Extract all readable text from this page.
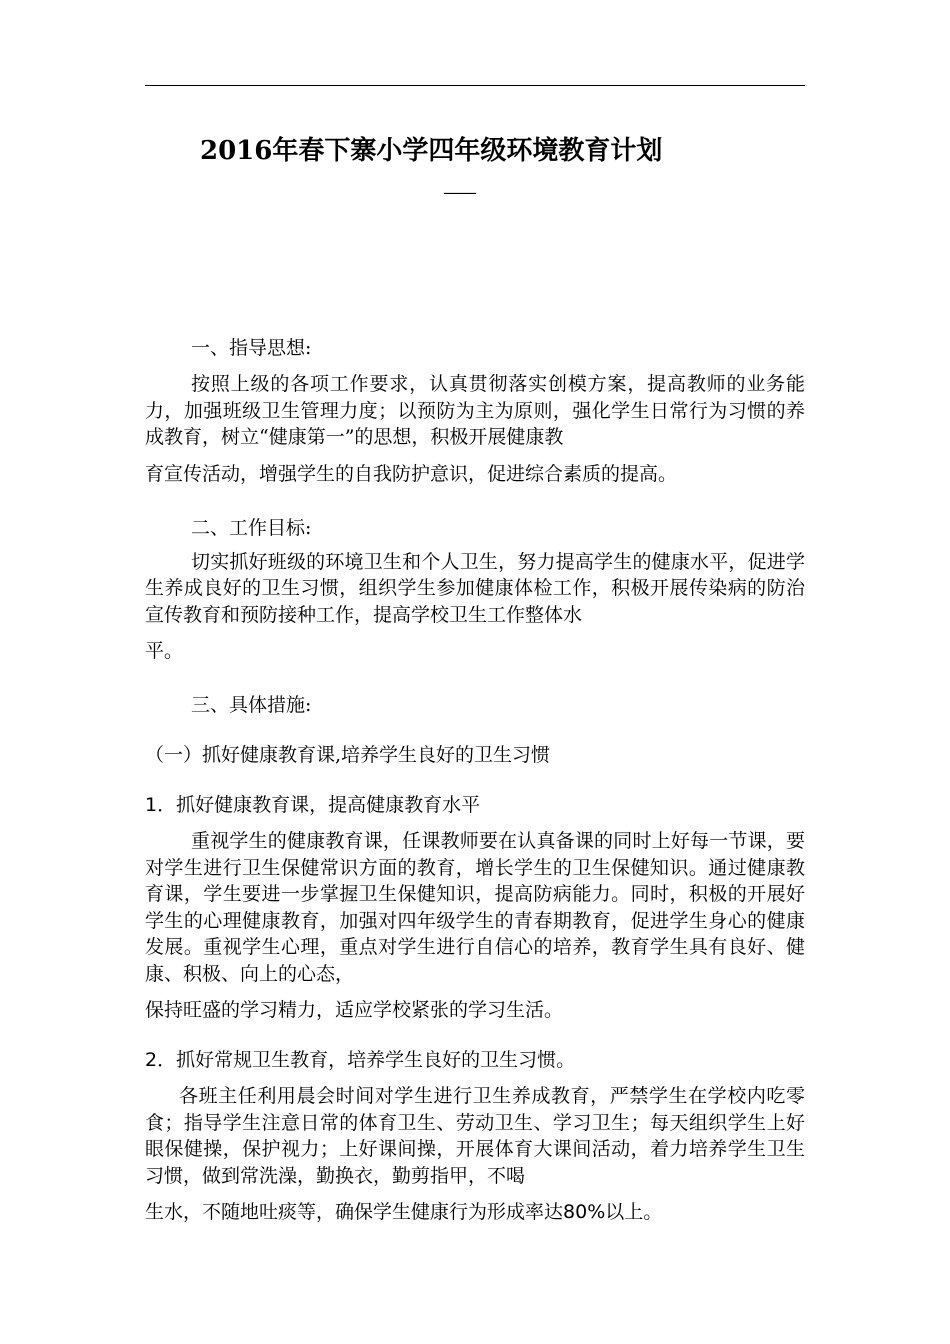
2016年春下寨小学四年级环境教育计划
——

一、指导思想:

按照上级的各项工作要求，认真贯彻落实创模方案，提高教师的业务能力，加强班级卫生管理力度；以预防为主为原则，强化学生日常行为习惯的养成教育，树立“健康第一”的思想，积极开展健康教

育宣传活动，增强学生的自我防护意识，促进综合素质的提高。

二、工作目标:

切实抓好班级的环境卫生和个人卫生，努力提高学生的健康水平，促进学生养成良好的卫生习惯，组织学生参加健康体检工作，积极开展传染病的防治宣传教育和预防接种工作，提高学校卫生工作整体水

平。

三、具体措施:

（一）抓好健康教育课,培养学生良好的卫生习惯

1．抓好健康教育课，提高健康教育水平

重视学生的健康教育课，任课教师要在认真备课的同时上好每一节课，要对学生进行卫生保健常识方面的教育，增长学生的卫生保健知识。通过健康教育课，学生要进一步掌握卫生保健知识，提高防病能力。同时，积极的开展好学生的心理健康教育，加强对四年级学生的青春期教育，促进学生身心的健康发展。重视学生心理，重点对学生进行自信心的培养，教育学生具有良好、健康、积极、向上的心态，

保持旺盛的学习精力，适应学校紧张的学习生活。

2．抓好常规卫生教育，培养学生良好的卫生习惯。

各班主任利用晨会时间对学生进行卫生养成教育，严禁学生在学校内吃零食；指导学生注意日常的体育卫生、劳动卫生、学习卫生；每天组织学生上好眼保健操，保护视力；上好课间操，开展体育大课间活动，着力培养学生卫生习惯，做到常洗澡，勤换衣，勤剪指甲，不喝

生水，不随地吐痰等，确保学生健康行为形成率达80%以上。
